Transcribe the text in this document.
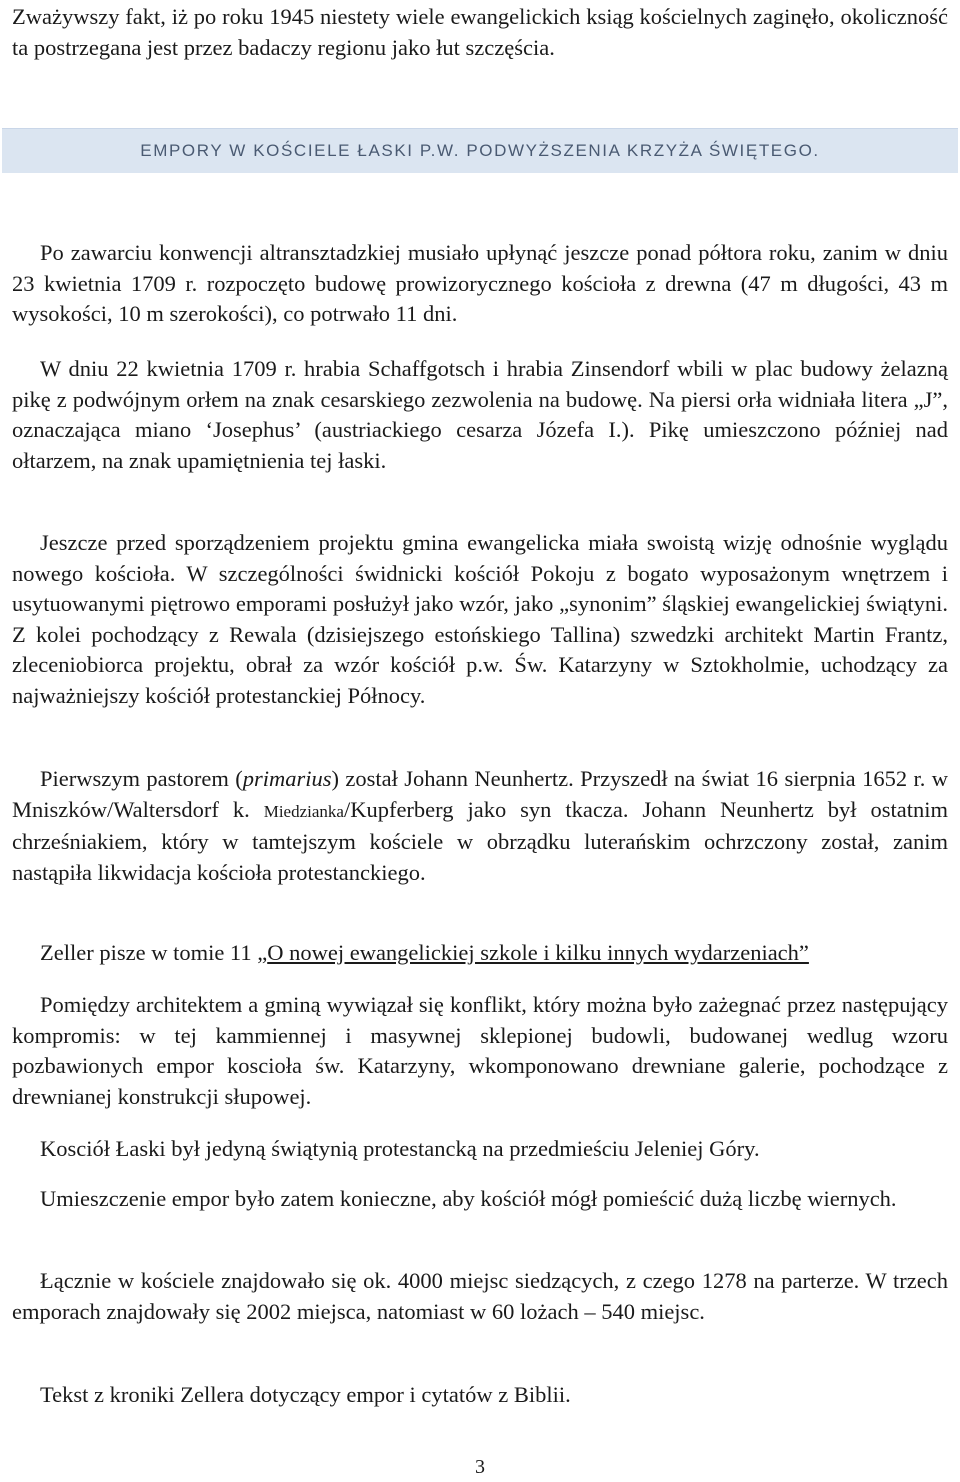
Zważywszy fakt, iż po roku 1945 niestety wiele ewangelickich ksiąg kościelnych zaginęło, okoliczność ta postrzegana jest przez badaczy regionu jako łut szczęścia.

EMPORY W KOŚCIELE ŁASKI P.W. PODWYŻSZENIA KRZYŻA ŚWIĘTEGO.

Po zawarciu konwencji altransztadzkiej musiało upłynąć jeszcze ponad półtora roku, zanim w dniu 23 kwietnia 1709 r. rozpoczęto budowę prowizorycznego kościoła z drewna (47 m długości, 43 m wysokości, 10 m szerokości), co potrwało 11 dni.

W dniu 22 kwietnia 1709 r. hrabia Schaffgotsch i hrabia Zinsendorf wbili w plac budowy żelazną pikę z podwójnym orłem na znak cesarskiego zezwolenia na budowę. Na piersi orła widniała litera „J”, oznaczająca miano ‘Josephus’ (austriackiego cesarza Józefa I.). Pikę umieszczono później nad ołtarzem, na znak upamiętnienia tej łaski.

Jeszcze przed sporządzeniem projektu gmina ewangelicka miała swoistą wizję odnośnie wyglądu nowego kościoła. W szczególności świdnicki kościół Pokoju z bogato wyposażonym wnętrzem i usytuowanymi piętrowo emporami posłużył jako wzór, jako „synonim” śląskiej ewangelickiej świątyni. Z kolei pochodzący z Rewala (dzisiejszego estońskiego Tallina) szwedzki architekt Martin Frantz, zleceniobiorca projektu, obrał za wzór kościół p.w. Św. Katarzyny w Sztokholmie, uchodzący za najważniejszy kościół protestanckiej Północy.

Pierwszym pastorem (primarius) został Johann Neunhertz. Przyszedł na świat 16 sierpnia 1652 r. w Mniszków/Waltersdorf k. Miedzianka/Kupferberg jako syn tkacza. Johann Neunhertz był ostatnim chrześniakiem, który w tamtejszym kościele w obrządku luterańskim ochrzczony został, zanim nastąpiła likwidacja kościoła protestanckiego.

Zeller pisze w tomie 11 „O nowej ewangelickiej szkole i kilku innych wydarzeniach”

Pomiędzy architektem a gminą wywiązał się konflikt, który można było zażegnać przez następujący kompromis: w tej kammiennej i masywnej sklepionej budowli, budowanej wedlug wzoru pozbawionych empor koscioła św. Katarzyny, wkomponowano drewniane galerie, pochodzące z drewnianej konstrukcji słupowej.

Kosciół Łaski był jedyną świątynią protestancką na przedmieściu Jeleniej Góry.

Umieszczenie empor było zatem konieczne, aby kościół mógł pomieścić dużą liczbę wiernych.

Łącznie w kościele znajdowało się ok. 4000 miejsc siedzących, z czego 1278 na parterze. W trzech emporach znajdowały się 2002 miejsca, natomiast w 60 lożach – 540 miejsc.

Tekst z kroniki Zellera dotyczący empor i cytatów z Biblii.

3
